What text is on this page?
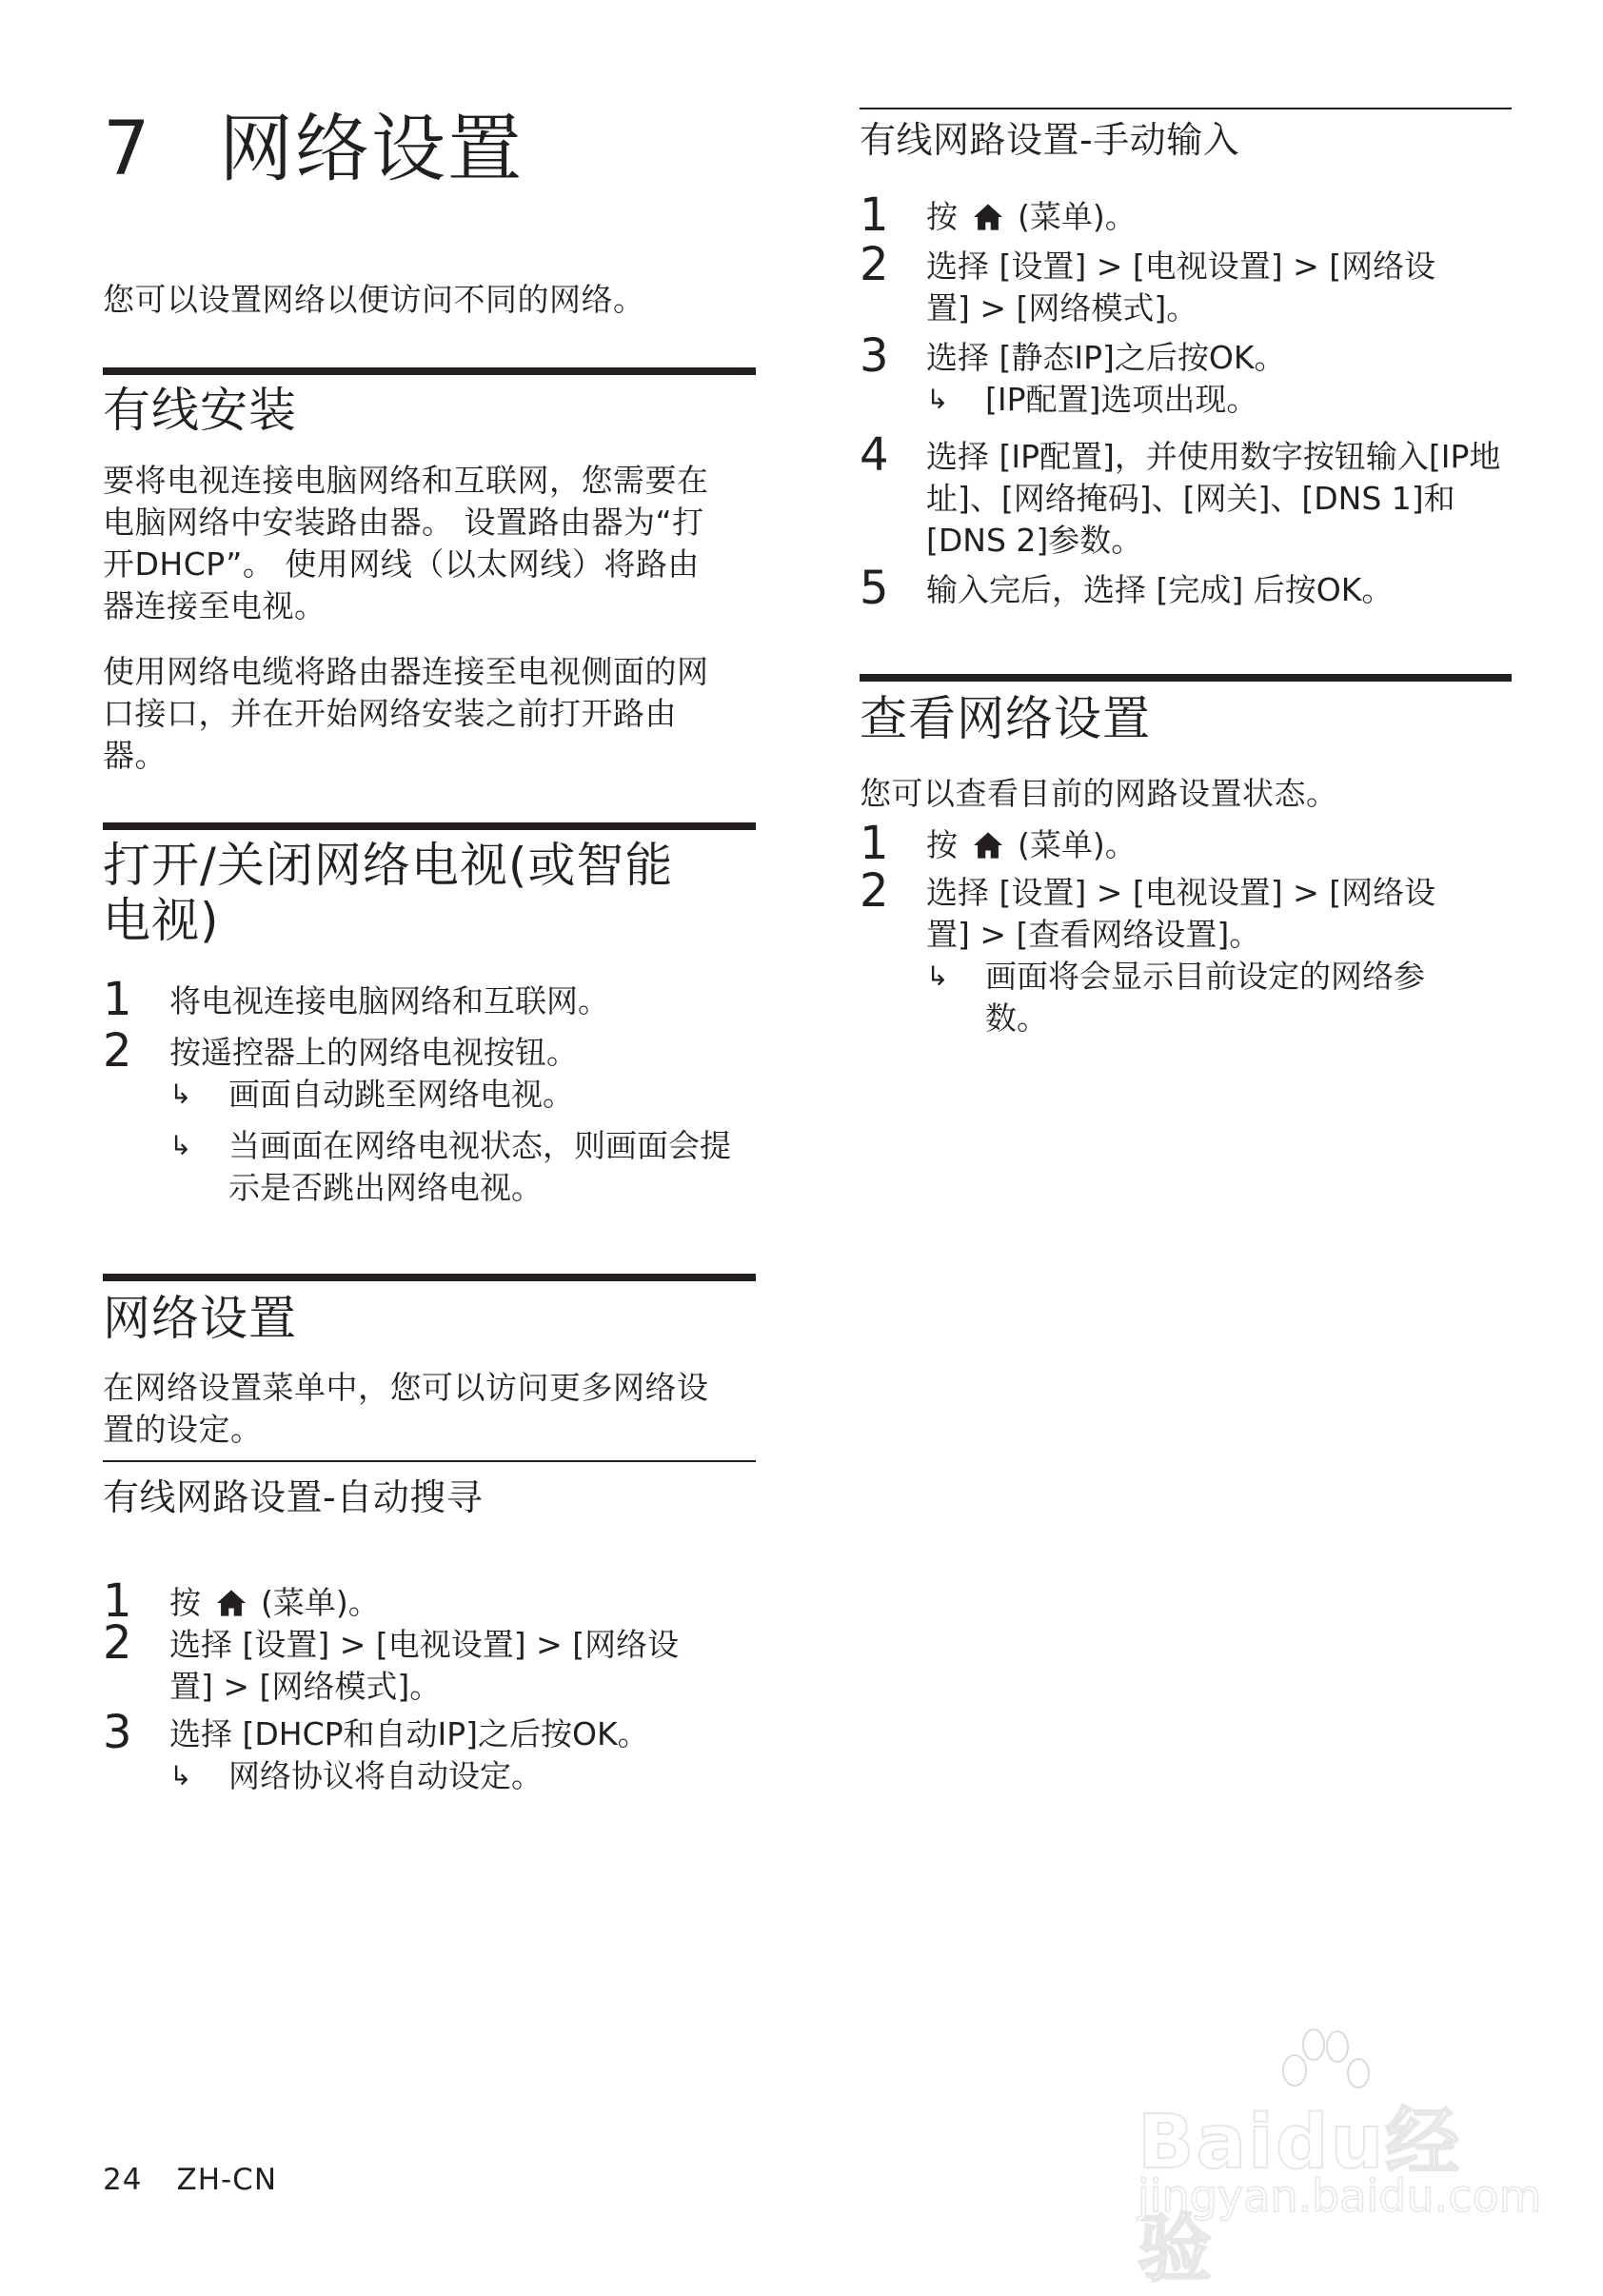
7 网络设置
您可以设置网络以便访问不同的网络。
有线安装
要将电视连接电脑网络和互联网，您需要在电脑网络中安装路由器。 设置路由器为“打开DHCP”。 使用网线（以太网线）将路由器连接至电视。
使用网络电缆将路由器连接至电视侧面的网口接口，并在开始网络安装之前打开路由器。
打开/关闭网络电视(或智能
电视)
1 将电视连接电脑网络和互联网。
2 按遥控器上的网络电视按钮。
↳ 画面自动跳至网络电视。
↳ 当画面在网络电视状态，则画面会提示是否跳出网络电视。
网络设置
在网络设置菜单中，您可以访问更多网络设置的设定。
有线网路设置-自动搜寻
1 按 (菜单)。
2 选择 [设置] > [电视设置] > [网络设置] > [网络模式]。
3 选择 [DHCP和自动IP]之后按OK。
↳ 网络协议将自动设定。
有线网路设置-手动输入
1 按 (菜单)。
2 选择 [设置] > [电视设置] > [网络设置] > [网络模式]。
3 选择 [静态IP]之后按OK。
↳ [IP配置]选项出现。
4 选择 [IP配置]，并使用数字按钮输入[IP地址]、[网络掩码]、[网关]、[DNS 1]和[DNS 2]参数。
5 输入完后，选择 [完成] 后按OK。
查看网络设置
您可以查看目前的网路设置状态。
1 按 (菜单)。
2 选择 [设置] > [电视设置] > [网络设置] > [查看网络设置]。
↳ 画面将会显示目前设定的网络参数。
24 ZH-CN	Baidu经验
jingyan.baidu.com
